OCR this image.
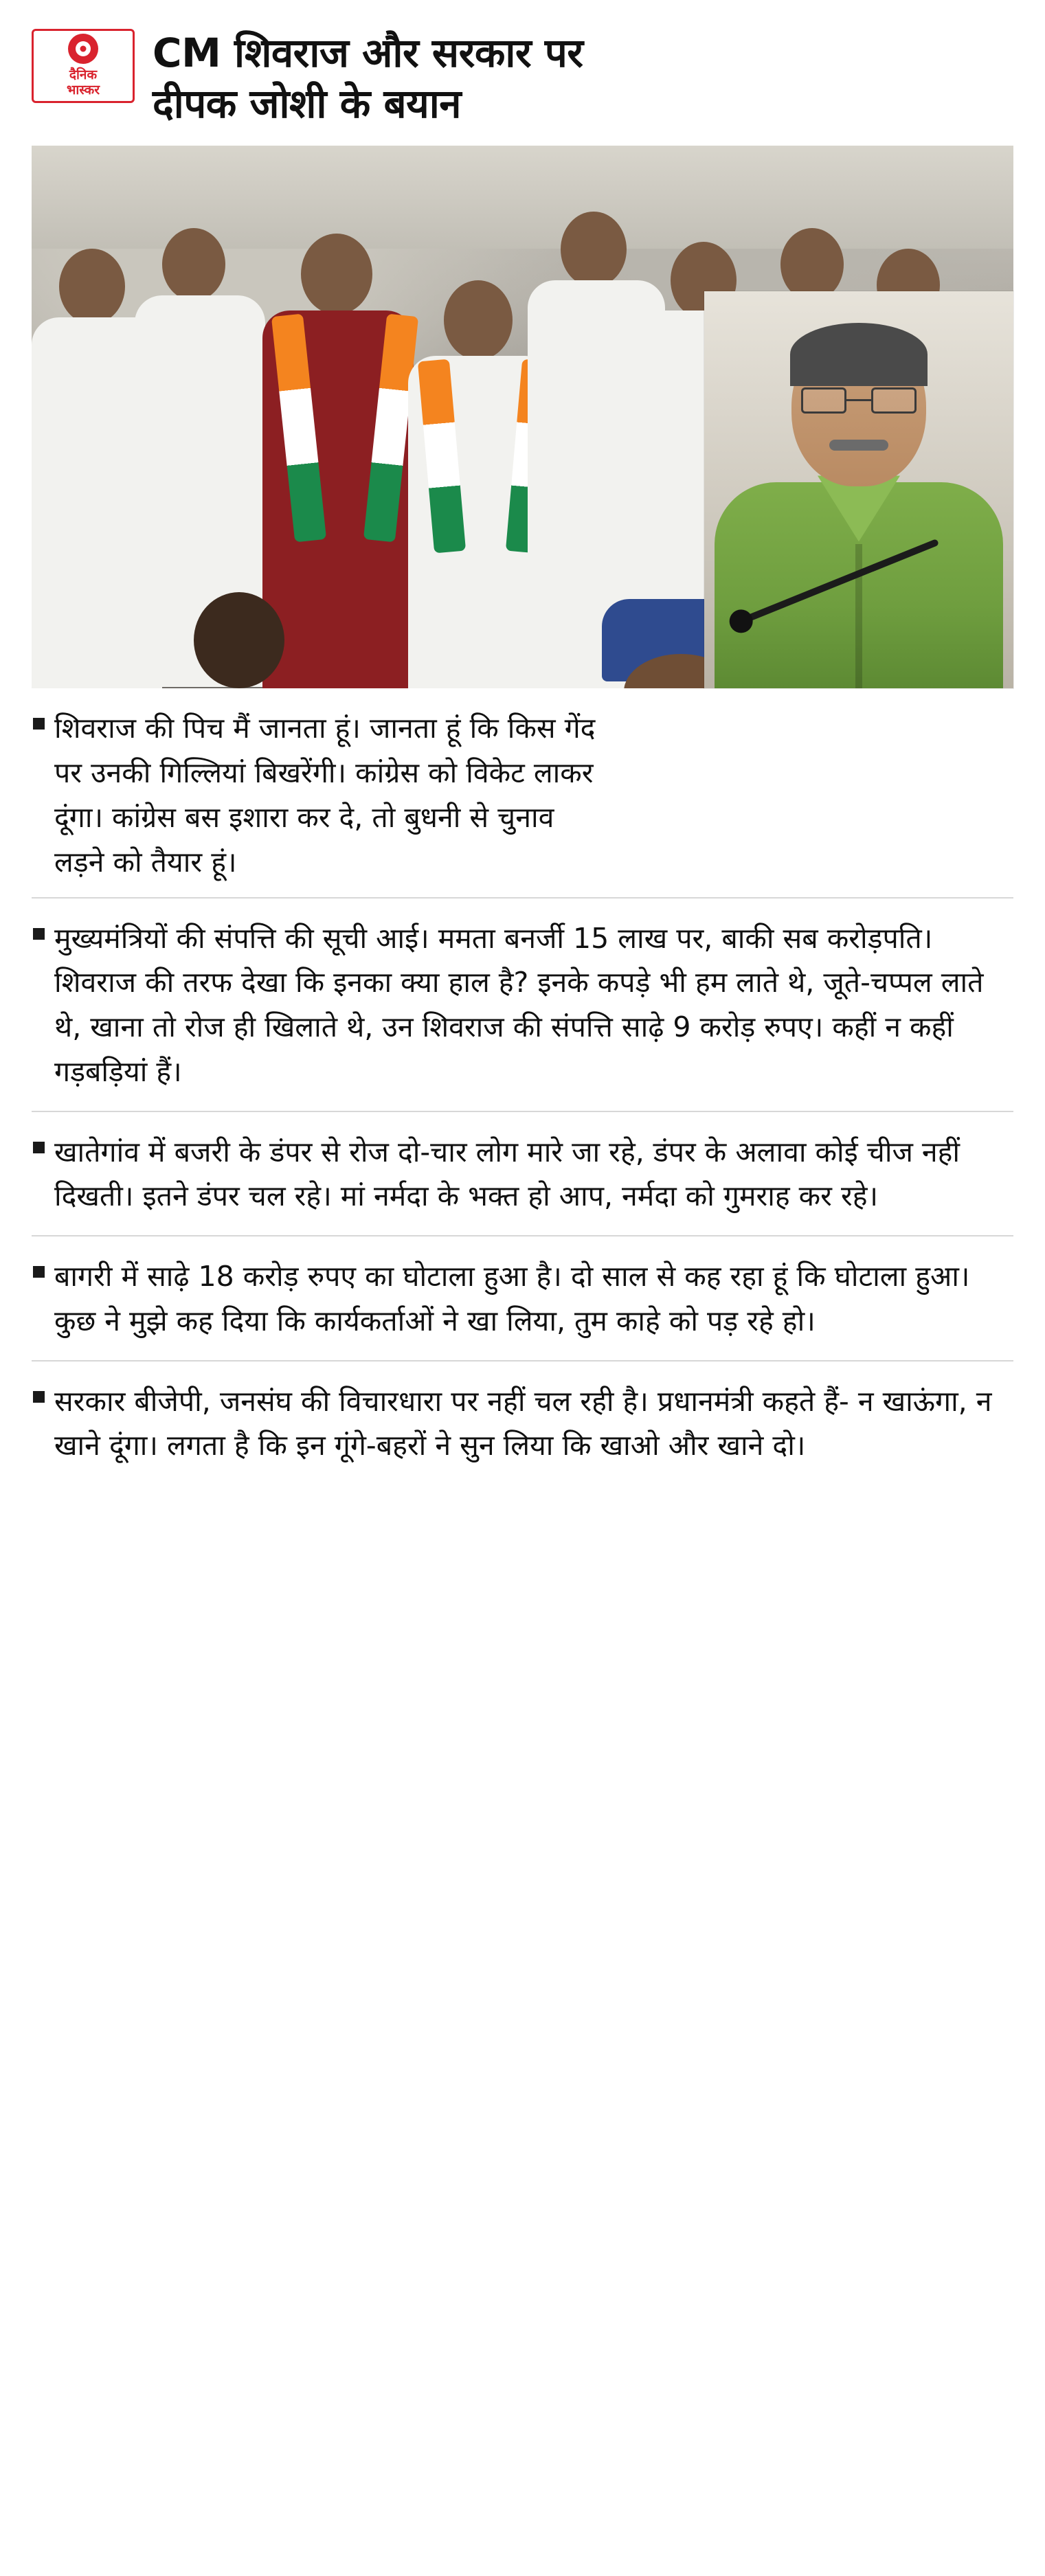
दैनिक
भास्कर
CM शिवराज और सरकार पर
दीपक जोशी के बयान
शिवराज की पिच मैं जानता हूं। जानता हूं कि किस गेंद पर उनकी गिल्लियां बिखरेंगी। कांग्रेस को विकेट लाकर दूंगा। कांग्रेस बस इशारा कर दे, तो बुधनी से चुनाव लड़ने को तैयार हूं।
मुख्यमंत्रियों की संपत्ति की सूची आई। ममता बनर्जी 15 लाख पर, बाकी सब करोड़पति। शिवराज की तरफ देखा कि इनका क्या हाल है? इनके कपड़े भी हम लाते थे, जूते-चप्पल लाते थे, खाना तो रोज ही खिलाते थे, उन शिवराज की संपत्ति साढ़े 9 करोड़ रुपए। कहीं न कहीं गड़बड़ियां हैं।
खातेगांव में बजरी के डंपर से रोज दो-चार लोग मारे जा रहे, डंपर के अलावा कोई चीज नहीं दिखती। इतने डंपर चल रहे। मां नर्मदा के भक्त हो आप, नर्मदा को गुमराह कर रहे।
बागरी में साढ़े 18 करोड़ रुपए का घोटाला हुआ है। दो साल से कह रहा हूं कि घोटाला हुआ। कुछ ने मुझे कह दिया कि कार्यकर्ताओं ने खा लिया, तुम काहे को पड़ रहे हो।
सरकार बीजेपी, जनसंघ की विचारधारा पर नहीं चल रही है। प्रधानमंत्री कहते हैं- न खाऊंगा, न खाने दूंगा। लगता है कि इन गूंगे-बहरों ने सुन लिया कि खाओ और खाने दो।
